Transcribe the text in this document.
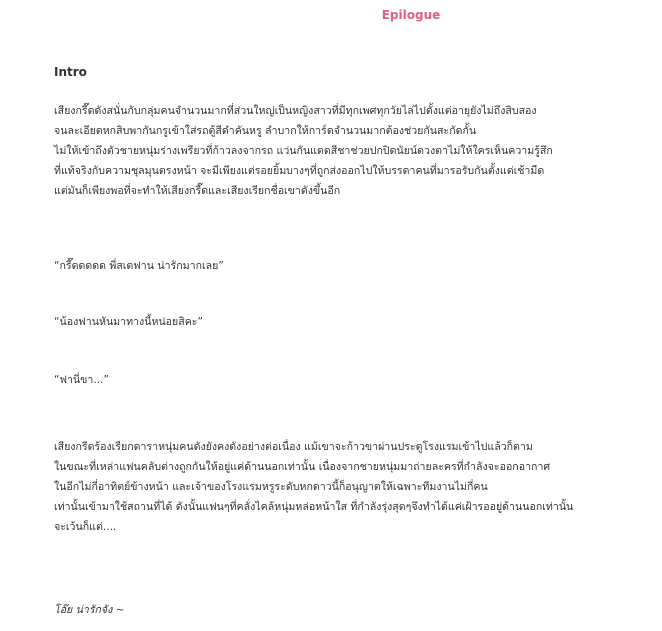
Epilogue
Intro

เสียงกรี๊ดดังสนั่นกับกลุ่มคนจำนวนมากที่ส่วนใหญ่เป็นหญิงสาวที่มีทุกเพศทุกวัยไล่ไปตั้งแต่อายุยังไม่ถึงสิบสอง
จนละเอียดหกสิบพากันกรูเข้าใส่รถตู้สีดำคันหรู ลำบากให้การ์ดจำนวนมากต้องช่วยกันสะกัดกั้น
ไม่ให้เข้าถึงตัวชายหนุ่มร่างเพรียวที่ก้าวลงจากรถ แว่นกันแดดสีชาช่วยปกปิดนัยน์ดวงตาไม่ให้ใครเห็นความรู้สึก
ที่แท้จริงกับความชุลมุนตรงหน้า จะมีเพียงแต่รอยยิ้มบางๆที่ถูกส่งออกไปให้บรรดาคนที่มารอรับกันตั้งแต่เช้ามืด
แต่มันก็เพียงพอที่จะทำให้เสียงกรี๊ดและเสียงเรียกชื่อเขาดังขึ้นอีก

“กรี๊ดดดดด พี่สเตฟาน น่ารักมากเลย”
“น้องฟานหันมาทางนี้หน่อยสิคะ”
“ฟานี่ขา...”

เสียงกรีดร้องเรียกดาราหนุ่มคนดังยังคงดังอย่างต่อเนื่อง แม้เขาจะก้าวขาผ่านประตูโรงแรมเข้าไปแล้วก็ตาม
ในขณะที่เหล่าแฟนคลับต่างถูกกันให้อยู่แค่ด้านนอกเท่านั้น เนื่องจากชายหนุ่มมาถ่ายละครที่กำลังจะออกอากาศ
ในอีกไม่กี่อาทิตย์ข้างหน้า และเจ้าของโรงแรมหรูระดับหกดาวนี้ก็อนุญาตให้เฉพาะทีมงานไม่กี่คน
เท่านั้นเข้ามาใช้สถานที่ได้ ดังนั้นแฟนๆที่คลั่งไคล้หนุ่มหล่อหน้าใส ที่กำลังรุ่งสุดๆจึงทำได้แค่เฝ้ารออยู่ด้านนอกเท่านั้น
จะเว้นก็แต่....

โอ๊ย น่ารักจัง ~
